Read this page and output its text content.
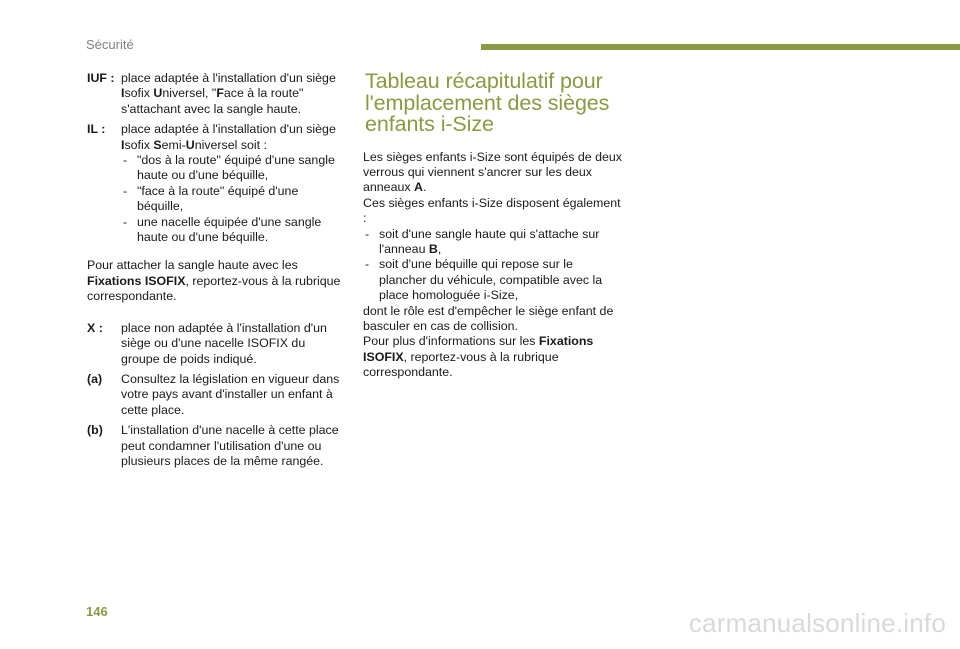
Sécurité
IUF : place adaptée à l'installation d'un siège
Isofix Universel, "Face à la route"
s'attachant avec la sangle haute.
IL :	place adaptée à l'installation d'un siège
Isofix Semi-Universel soit :
- "dos à la route" équipé d'une sangle haute ou d'une béquille,
- "face à la route" équipé d'une béquille,
- une nacelle équipée d'une sangle haute ou d'une béquille.

Pour attacher la sangle haute avec les
Fixations ISOFIX, reportez-vous à la rubrique correspondante.

X :	place non adaptée à l'installation d'un siège ou d'une nacelle ISOFIX du groupe de poids indiqué.
(a)	Consultez la législation en vigueur dans votre pays avant d'installer un enfant à cette place.
(b)	L'installation d'une nacelle à cette place peut condamner l'utilisation d'une ou plusieurs places de la même rangée.
Tableau récapitulatif pour
l'emplacement des sièges
enfants i-Size

Les sièges enfants i-Size sont équipés de deux verrous qui viennent s'ancrer sur les deux anneaux A.

Ces sièges enfants i-Size disposent également :

- soit d'une sangle haute qui s'attache sur l'anneau B,
- soit d'une béquille qui repose sur le plancher du véhicule, compatible avec la place homologuée i-Size,

dont le rôle est d'empêcher le siège enfant de basculer en cas de collision.

Pour plus d'informations sur les Fixations ISOFIX, reportez-vous à la rubrique correspondante.

146	carmanualsonline.info
